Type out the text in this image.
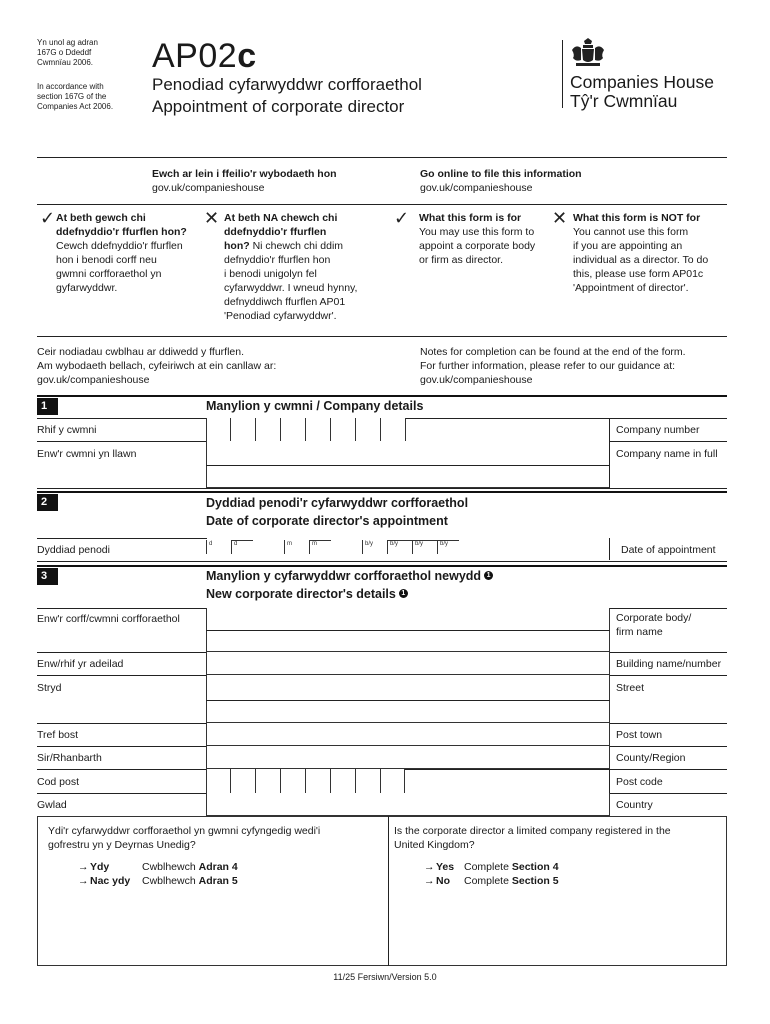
Yn unol ag adran
167G o Ddeddf
Cwmnïau 2006.
In accordance with
section 167G of the
Companies Act 2006.
AP02c
Penodiad cyfarwyddwr corfforaethol
Appointment of corporate director
Companies House
Tŷ'r Cwmnïau
Ewch ar lein i ffeilio'r wybodaeth hon
gov.uk/companieshouse
Go online to file this information
gov.uk/companieshouse
✓ At beth gewch chi
ddefnyddio'r ffurflen hon?
Cewch ddefnyddio'r ffurflen
hon i benodi corff neu
gwmni corfforaethol yn
gyfarwyddwr.
✕ At beth NA chewch chi
ddefnyddio'r ffurflen
hon? Ni chewch chi ddim
defnyddio'r ffurflen hon
i benodi unigolyn fel
cyfarwyddwr. I wneud hynny,
defnyddiwch ffurflen AP01
'Penodiad cyfarwyddwr'.
✓ What this form is for
You may use this form to
appoint a corporate body
or firm as director.
✕ What this form is NOT for
You cannot use this form
if you are appointing an
individual as a director. To do
this, please use form AP01c
'Appointment of director'.
Ceir nodiadau cwblhau ar ddiwedd y ffurflen.
Am wybodaeth bellach, cyfeiriwch at ein canllaw ar:
gov.uk/companieshouse
Notes for completion can be found at the end of the form.
For further information, please refer to our guidance at:
gov.uk/companieshouse
1	Manylion y cwmni / Company details
Rhif y cwmni	Company number
Enw'r cwmni yn llawn	Company name in full
2	Dyddiad penodi'r cyfarwyddwr corfforaethol
Date of corporate director's appointment
Dyddiad penodi	d	d	m	m	b/y	b/y	b/y	b/y	Date of appointment
3	Manylion y cyfarwyddwr corfforaethol newydd 1
New corporate director's details 1
Enw'r corff/cwmni corfforaethol	Corporate body/
firm name
Enw/rhif yr adeilad	Building name/number
Stryd	Street
Tref bost	Post town
Sir/Rhanbarth	County/Region
Cod post	Post code
Gwlad	Country
Ydi'r cyfarwyddwr corfforaethol yn gwmni cyfyngedig wedi'i
gofrestru yn y Deyrnas Unedig?
→ Ydy	Cwblhewch Adran 4
→ Nac ydy Cwblhewch Adran 5
Is the corporate director a limited company registered in the
United Kingdom?
→ Yes Complete Section 4
→ No Complete Section 5
11/25 Fersiwn/Version 5.0
